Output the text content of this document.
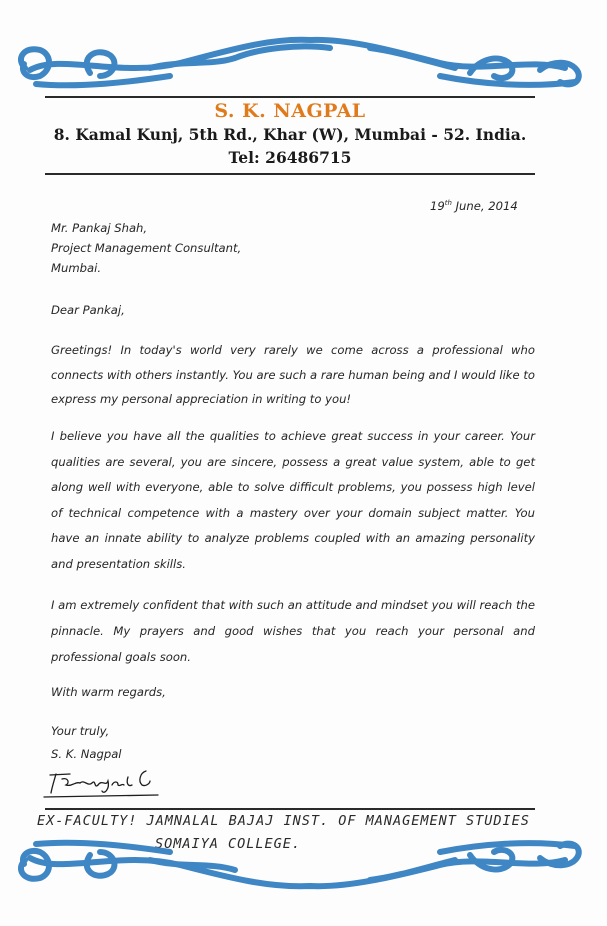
S. K. NAGPAL
8. Kamal Kunj, 5th Rd., Khar (W), Mumbai - 52. India.
Tel: 26486715

19th June, 2014

Mr. Pankaj Shah,
Project Management Consultant,
Mumbai.

Dear Pankaj,

Greetings! In today's world very rarely we come across a professional who connects with others instantly. You are such a rare human being and I would like to express my personal appreciation in writing to you!

I believe you have all the qualities to achieve great success in your career. Your qualities are several, you are sincere, possess a great value system, able to get along well with everyone, able to solve difficult problems, you possess high level of technical competence with a mastery over your domain subject matter. You have an innate ability to analyze problems coupled with an amazing personality and presentation skills.

I am extremely confident that with such an attitude and mindset you will reach the pinnacle. My prayers and good wishes that you reach your personal and professional goals soon.

With warm regards,

Your truly,

S. K. Nagpal

EX-FACULTY! JAMNALAL BAJAJ INST. OF MANAGEMENT STUDIES
SOMAIYA COLLEGE.
